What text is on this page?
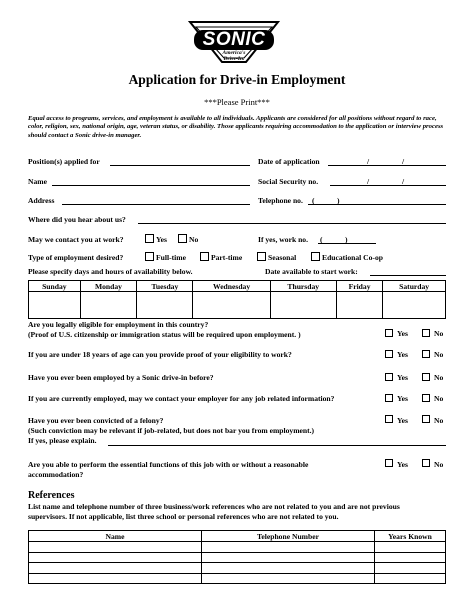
SONIC
America's
Drive-In.
Application for Drive-in Employment
***Please Print***
Equal access to programs, services, and employment is available to all individuals. Applicants are considered for all positions without regard to race, color, religion, sex, national origin, age, veteran status, or disability. Those applicants requiring accommodation to the application or interview process should contact a Sonic drive-in manager.
Position(s) applied for	Date of application	/	/
Name	Social Security no.	/	/
Address	Telephone no. (	)
Where did you hear about us?
May we contact you at work?	Yes	No	If yes, work no. (	)
Type of employment desired?	Full-time	Part-time	Seasonal	Educational Co-op
Please specify days and hours of availability below.	Date available to start work:
Sunday	Monday	Tuesday	Wednesday	Thursday	Friday	Saturday

Are you legally eligible for employment in this country?
(Proof of U.S. citizenship or immigration status will be required upon employment. )	Yes	No
If you are under 18 years of age can you provide proof of your eligibility to work?	Yes	No
Have you ever been employed by a Sonic drive-in before?	Yes	No
If you are currently employed, may we contact your employer for any job related information?	Yes	No
Have you ever been convicted of a felony?
(Such conviction may be relevant if job-related, but does not bar you from employment.)
If yes, please explain.
Yes	No
Are you able to perform the essential functions of this job with or without a reasonable
accommodation?
Yes	No
References
List name and telephone number of three business/work references who are not related to you and are not previous
supervisors. If not applicable, list three school or personal references who are not related to you.
Name	Telephone Number	Years Known
